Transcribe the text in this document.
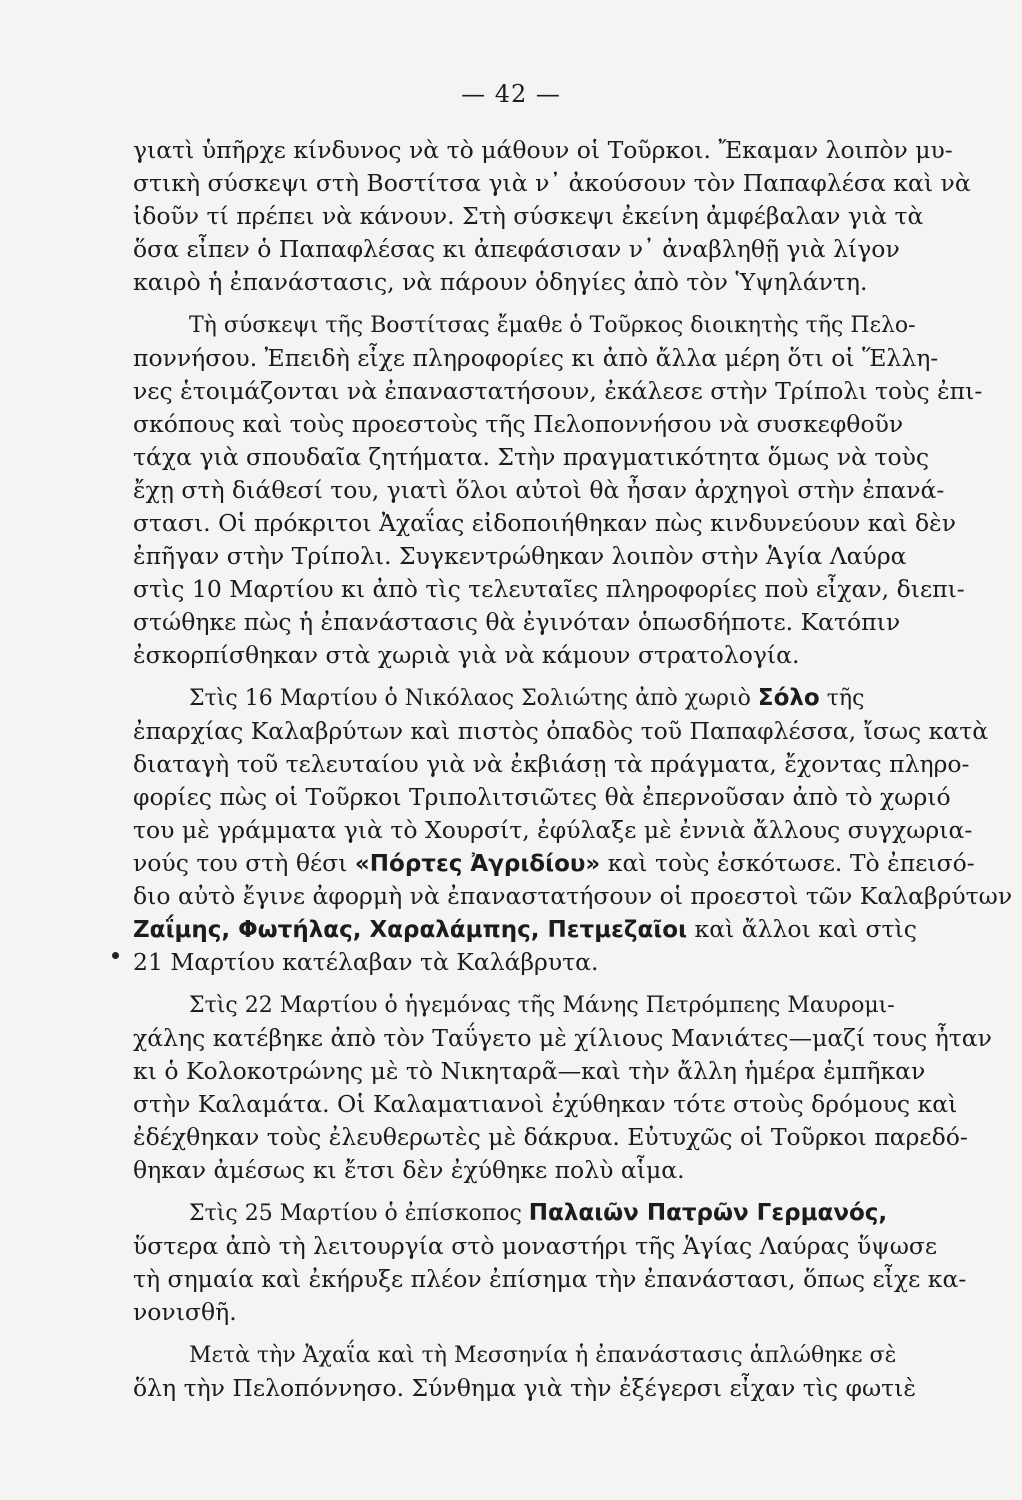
— 42 —
γιατὶ ὑπῆρχε κίνδυνος νὰ τὸ μάθουν οἱ Τοῦρκοι. Ἔκαμαν λοιπὸν μυ-
στικὴ σύσκεψι στὴ Βοστίτσα γιὰ ν᾽ ἀκούσουν τὸν Παπαφλέσα καὶ νὰ
ἰδοῦν τί πρέπει νὰ κάνουν. Στὴ σύσκεψι ἐκείνη ἀμφέβαλαν γιὰ τὰ
ὅσα εἶπεν ὁ Παπαφλέσας κι ἀπεφάσισαν ν᾽ ἀναβληθῇ γιὰ λίγον
καιρὸ ἡ ἐπανάστασις, νὰ πάρουν ὁδηγίες ἀπὸ τὸν Ὑψηλάντη.
Τὴ σύσκεψι τῆς Βοστίτσας ἔμαθε ὁ Τοῦρκος διοικητὴς τῆς Πελο-
ποννήσου. Ἐπειδὴ εἶχε πληροφορίες κι ἀπὸ ἄλλα μέρη ὅτι οἱ Ἕλλη-
νες ἑτοιμάζονται νὰ ἐπαναστατήσουν, ἐκάλεσε στὴν Τρίπολι τοὺς ἐπι-
σκόπους καὶ τοὺς προεστοὺς τῆς Πελοποννήσου νὰ συσκεφθοῦν
τάχα γιὰ σπουδαῖα ζητήματα. Στὴν πραγματικότητα ὅμως νὰ τοὺς
ἔχῃ στὴ διάθεσί του, γιατὶ ὅλοι αὐτοὶ θὰ ἦσαν ἀρχηγοὶ στὴν ἐπανά-
στασι. Οἱ πρόκριτοι Ἀχαΐας εἰδοποιήθηκαν πὼς κινδυνεύουν καὶ δὲν
ἐπῆγαν στὴν Τρίπολι. Συγκεντρώθηκαν λοιπὸν στὴν Ἁγία Λαύρα
στὶς 10 Μαρτίου κι ἀπὸ τὶς τελευταῖες πληροφορίες ποὺ εἶχαν, διεπι-
στώθηκε πὼς ἡ ἐπανάστασις θὰ ἐγινόταν ὁπωσδήποτε. Κατόπιν
ἐσκορπίσθηκαν στὰ χωριὰ γιὰ νὰ κάμουν στρατολογία.
Στὶς 16 Μαρτίου ὁ Νικόλαος Σολιώτης ἀπὸ χωριὸ Σόλο τῆς
ἐπαρχίας Καλαβρύτων καὶ πιστὸς ὀπαδὸς τοῦ Παπαφλέσσα, ἴσως κατὰ
διαταγὴ τοῦ τελευταίου γιὰ νὰ ἐκβιάσῃ τὰ πράγματα, ἔχοντας πληρο-
φορίες πὼς οἱ Τοῦρκοι Τριπολιτσιῶτες θὰ ἐπερνοῦσαν ἀπὸ τὸ χωριό
του μὲ γράμματα γιὰ τὸ Χουρσίτ, ἐφύλαξε μὲ ἐννιὰ ἄλλους συγχωρια-
νούς του στὴ θέσι «Πόρτες Ἀγριδίου» καὶ τοὺς ἐσκότωσε. Τὸ ἐπεισό-
διο αὐτὸ ἔγινε ἀφορμὴ νὰ ἐπαναστατήσουν οἱ προεστοὶ τῶν Καλαβρύτων
Ζαΐμης, Φωτήλας, Χαραλάμπης, Πετμεζαῖοι καὶ ἄλλοι καὶ στὶς
21 Μαρτίου κατέλαβαν τὰ Καλάβρυτα.
Στὶς 22 Μαρτίου ὁ ἡγεμόνας τῆς Μάνης Πετρόμπεης Μαυρομι-
χάλης κατέβηκε ἀπὸ τὸν Ταΰγετο μὲ χίλιους Μανιάτες—μαζί τους ἦταν
κι ὁ Κολοκοτρώνης μὲ τὸ Νικηταρᾶ—καὶ τὴν ἄλλη ἡμέρα ἐμπῆκαν
στὴν Καλαμάτα. Οἱ Καλαματιανοὶ ἐχύθηκαν τότε στοὺς δρόμους καὶ
ἐδέχθηκαν τοὺς ἐλευθερωτὲς μὲ δάκρυα. Εὐτυχῶς οἱ Τοῦρκοι παρεδό-
θηκαν ἀμέσως κι ἔτσι δὲν ἐχύθηκε πολὺ αἷμα.
Στὶς 25 Μαρτίου ὁ ἐπίσκοπος Παλαιῶν Πατρῶν Γερμανός,
ὕστερα ἀπὸ τὴ λειτουργία στὸ μοναστήρι τῆς Ἁγίας Λαύρας ὕψωσε
τὴ σημαία καὶ ἐκήρυξε πλέον ἐπίσημα τὴν ἐπανάστασι, ὅπως εἶχε κα-
νονισθῆ.
Μετὰ τὴν Ἀχαΐα καὶ τὴ Μεσσηνία ἡ ἐπανάστασις ἁπλώθηκε σὲ
ὅλη τὴν Πελοπόννησο. Σύνθημα γιὰ τὴν ἐξέγερσι εἶχαν τὶς φωτιὲ
